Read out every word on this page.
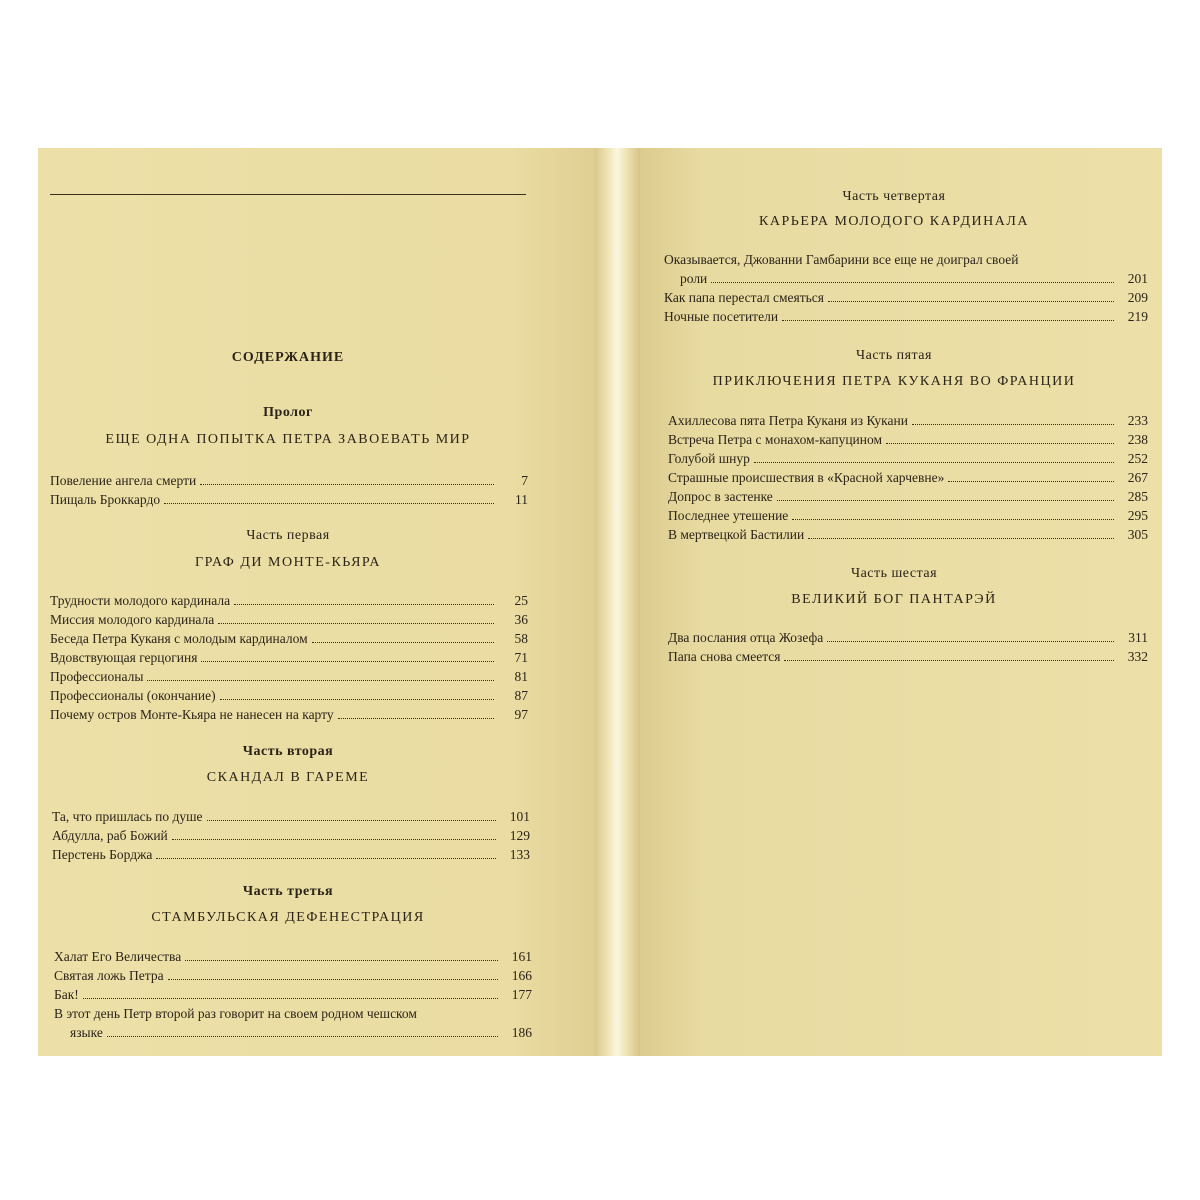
СОДЕРЖАНИЕ
Пролог
ЕЩЕ ОДНА ПОПЫТКА ПЕТРА ЗАВОЕВАТЬ МИР
Повеление ангела смерти	7
Пищаль Броккардо	11
Часть первая
ГРАФ ДИ МОНТЕ-КЬЯРА
Трудности молодого кардинала	25
Миссия молодого кардинала	36
Беседа Петра Куканя с молодым кардиналом	58
Вдовствующая герцогиня	71
Профессионалы	81
Профессионалы (окончание)	87
Почему остров Монте-Кьяра не нанесен на карту	97
Часть вторая
СКАНДАЛ В ГАРЕМЕ
Та, что пришлась по душе	101
Абдулла, раб Божий	129
Перстень Борджа	133
Часть третья
СТАМБУЛЬСКАЯ ДЕФЕНЕСТРАЦИЯ
Халат Его Величества	161
Святая ложь Петра	166
Бак!	177
В этот день Петр второй раз говорит на своем родном чешском
языке	186
Часть четвертая
КАРЬЕРА МОЛОДОГО КАРДИНАЛА
Оказывается, Джованни Гамбарини все еще не доиграл своей
роли	201
Как папа перестал смеяться	209
Ночные посетители	219
Часть пятая
ПРИКЛЮЧЕНИЯ ПЕТРА КУКАНЯ ВО ФРАНЦИИ
Ахиллесова пята Петра Куканя из Кукани	233
Встреча Петра с монахом-капуцином	238
Голубой шнур	252
Страшные происшествия в «Красной харчевне»	267
Допрос в застенке	285
Последнее утешение	295
В мертвецкой Бастилии	305
Часть шестая
ВЕЛИКИЙ БОГ ПАНТАРЭЙ
Два послания отца Жозефа	311
Папа снова смеется	332
